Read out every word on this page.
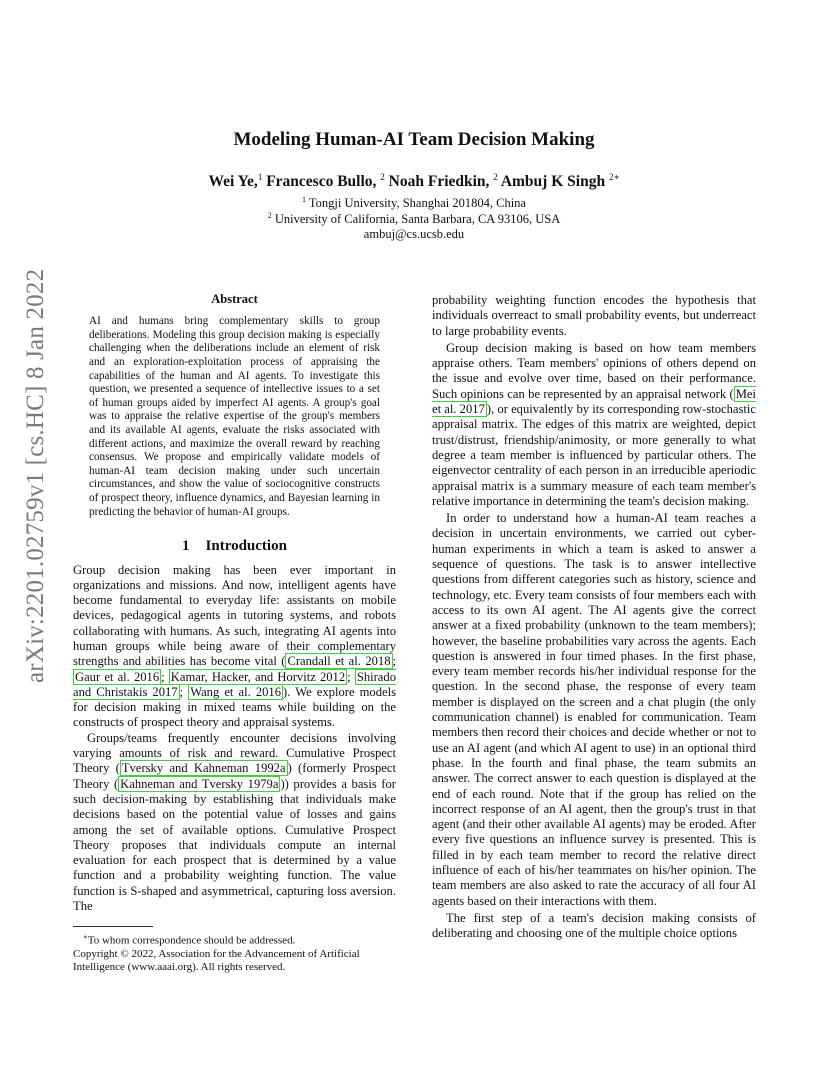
Modeling Human-AI Team Decision Making
Wei Ye,$^1$ Francesco Bullo, $^2$ Noah Friedkin, $^2$ Ambuj K Singh $^{2∗}$
$^1$ Tongji University, Shanghai 201804, China
$^2$ University of California, Santa Barbara, CA 93106, USA
ambuj@cs.ucsb.edu
arXiv:2201.02759v1 [cs.HC] 8 Jan 2022	Abstract

AI and humans bring complementary skills to group deliberations. Modeling this group decision making is especially challenging when the deliberations include an element of risk and an exploration-exploitation process of appraising the capabilities of the human and AI agents. To investigate this question, we presented a sequence of intellective issues to a set of human groups aided by imperfect AI agents. A group's goal was to appraise the relative expertise of the group's members and its available AI agents, evaluate the risks associated with different actions, and maximize the overall reward by reaching consensus. We propose and empirically validate models of human-AI team decision making under such uncertain circumstances, and show the value of sociocognitive constructs of prospect theory, influence dynamics, and Bayesian learning in predicting the behavior of human-AI groups.

1 Introduction

Group decision making has been ever important in organizations and missions. And now, intelligent agents have become fundamental to everyday life: assistants on mobile devices, pedagogical agents in tutoring systems, and robots collaborating with humans. As such, integrating AI agents into human groups while being aware of their complementary strengths and abilities has become vital ( Crandall et al. 2018 ; Gaur et al. 2016 ; Kamar, Hacker, and Horvitz 2012 ; Shirado and Christakis 2017 ; Wang et al. 2016 ). We explore models for decision making in mixed teams while building on the constructs of prospect theory and appraisal systems.

Groups/teams frequently encounter decisions involving varying amounts of risk and reward. Cumulative Prospect Theory ( Tversky and Kahneman 1992a ) (formerly Prospect Theory ( Kahneman and Tversky 1979a )) provides a basis for such decision-making by establishing that individuals make decisions based on the potential value of losses and gains among the set of available options. Cumulative Prospect Theory proposes that individuals compute an internal evaluation for each prospect that is determined by a value function and a probability weighting function. The value function is S-shaped and asymmetrical, capturing loss aversion. The

∗To whom correspondence should be addressed.
Copyright © 2022, Association for the Advancement of Artificial Intelligence (www.aaai.org). All rights reserved.

probability weighting function encodes the hypothesis that individuals overreact to small probability events, but underreact to large probability events.

Group decision making is based on how team members appraise others. Team members' opinions of others depend on the issue and evolve over time, based on their performance. Such opinions can be represented by an appraisal network ( Mei et al. 2017 ), or equivalently by its corresponding row-stochastic appraisal matrix. The edges of this matrix are weighted, depict trust/distrust, friendship/animosity, or more generally to what degree a team member is influenced by particular others. The eigenvector centrality of each person in an irreducible aperiodic appraisal matrix is a summary measure of each team member's relative importance in determining the team's decision making.

In order to understand how a human-AI team reaches a decision in uncertain environments, we carried out cyber-human experiments in which a team is asked to answer a sequence of questions. The task is to answer intellective questions from different categories such as history, science and technology, etc. Every team consists of four members each with access to its own AI agent. The AI agents give the correct answer at a fixed probability (unknown to the team members); however, the baseline probabilities vary across the agents. Each question is answered in four timed phases. In the first phase, every team member records his/her individual response for the question. In the second phase, the response of every team member is displayed on the screen and a chat plugin (the only communication channel) is enabled for communication. Team members then record their choices and decide whether or not to use an AI agent (and which AI agent to use) in an optional third phase. In the fourth and final phase, the team submits an answer. The correct answer to each question is displayed at the end of each round. Note that if the group has relied on the incorrect response of an AI agent, then the group's trust in that agent (and their other available AI agents) may be eroded. After every five questions an influence survey is presented. This is filled in by each team member to record the relative direct influence of each of his/her teammates on his/her opinion. The team members are also asked to rate the accuracy of all four AI agents based on their interactions with them.

The first step of a team's decision making consists of deliberating and choosing one of the multiple choice options
